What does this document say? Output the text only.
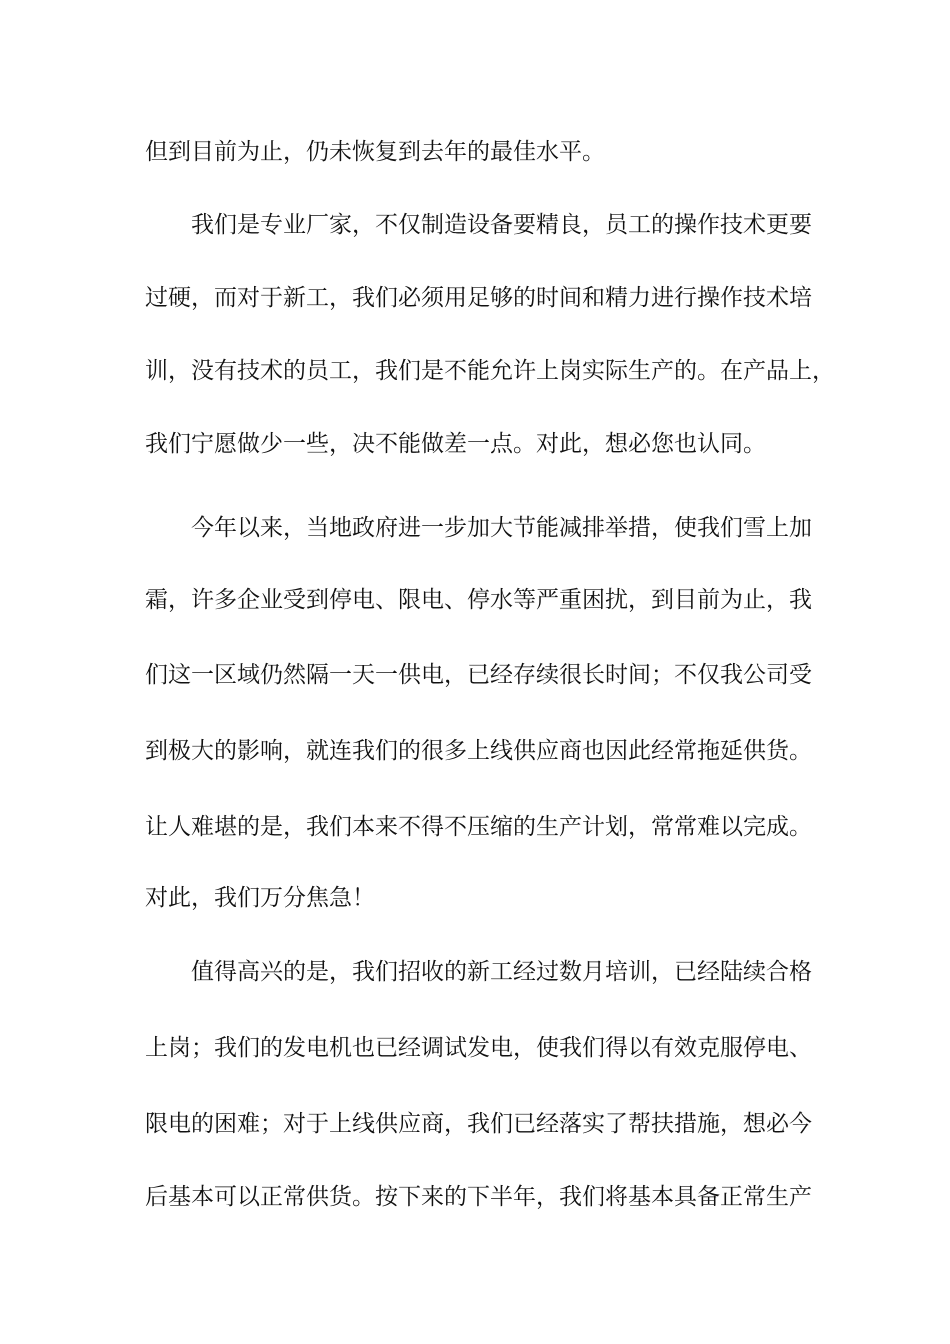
但到目前为止，仍未恢复到去年的最佳水平。
我们是专业厂家，不仅制造设备要精良，员工的操作技术更要
过硬，而对于新工，我们必须用足够的时间和精力进行操作技术培
训，没有技术的员工，我们是不能允许上岗实际生产的。在产品上，
我们宁愿做少一些，决不能做差一点。对此，想必您也认同。
今年以来，当地政府进一步加大节能减排举措，使我们雪上加
霜，许多企业受到停电、限电、停水等严重困扰，到目前为止，我
们这一区域仍然隔一天一供电，已经存续很长时间；不仅我公司受
到极大的影响，就连我们的很多上线供应商也因此经常拖延供货。
让人难堪的是，我们本来不得不压缩的生产计划，常常难以完成。
对此，我们万分焦急！
值得高兴的是，我们招收的新工经过数月培训，已经陆续合格
上岗；我们的发电机也已经调试发电，使我们得以有效克服停电、
限电的困难；对于上线供应商，我们已经落实了帮扶措施，想必今
后基本可以正常供货。按下来的下半年，我们将基本具备正常生产
